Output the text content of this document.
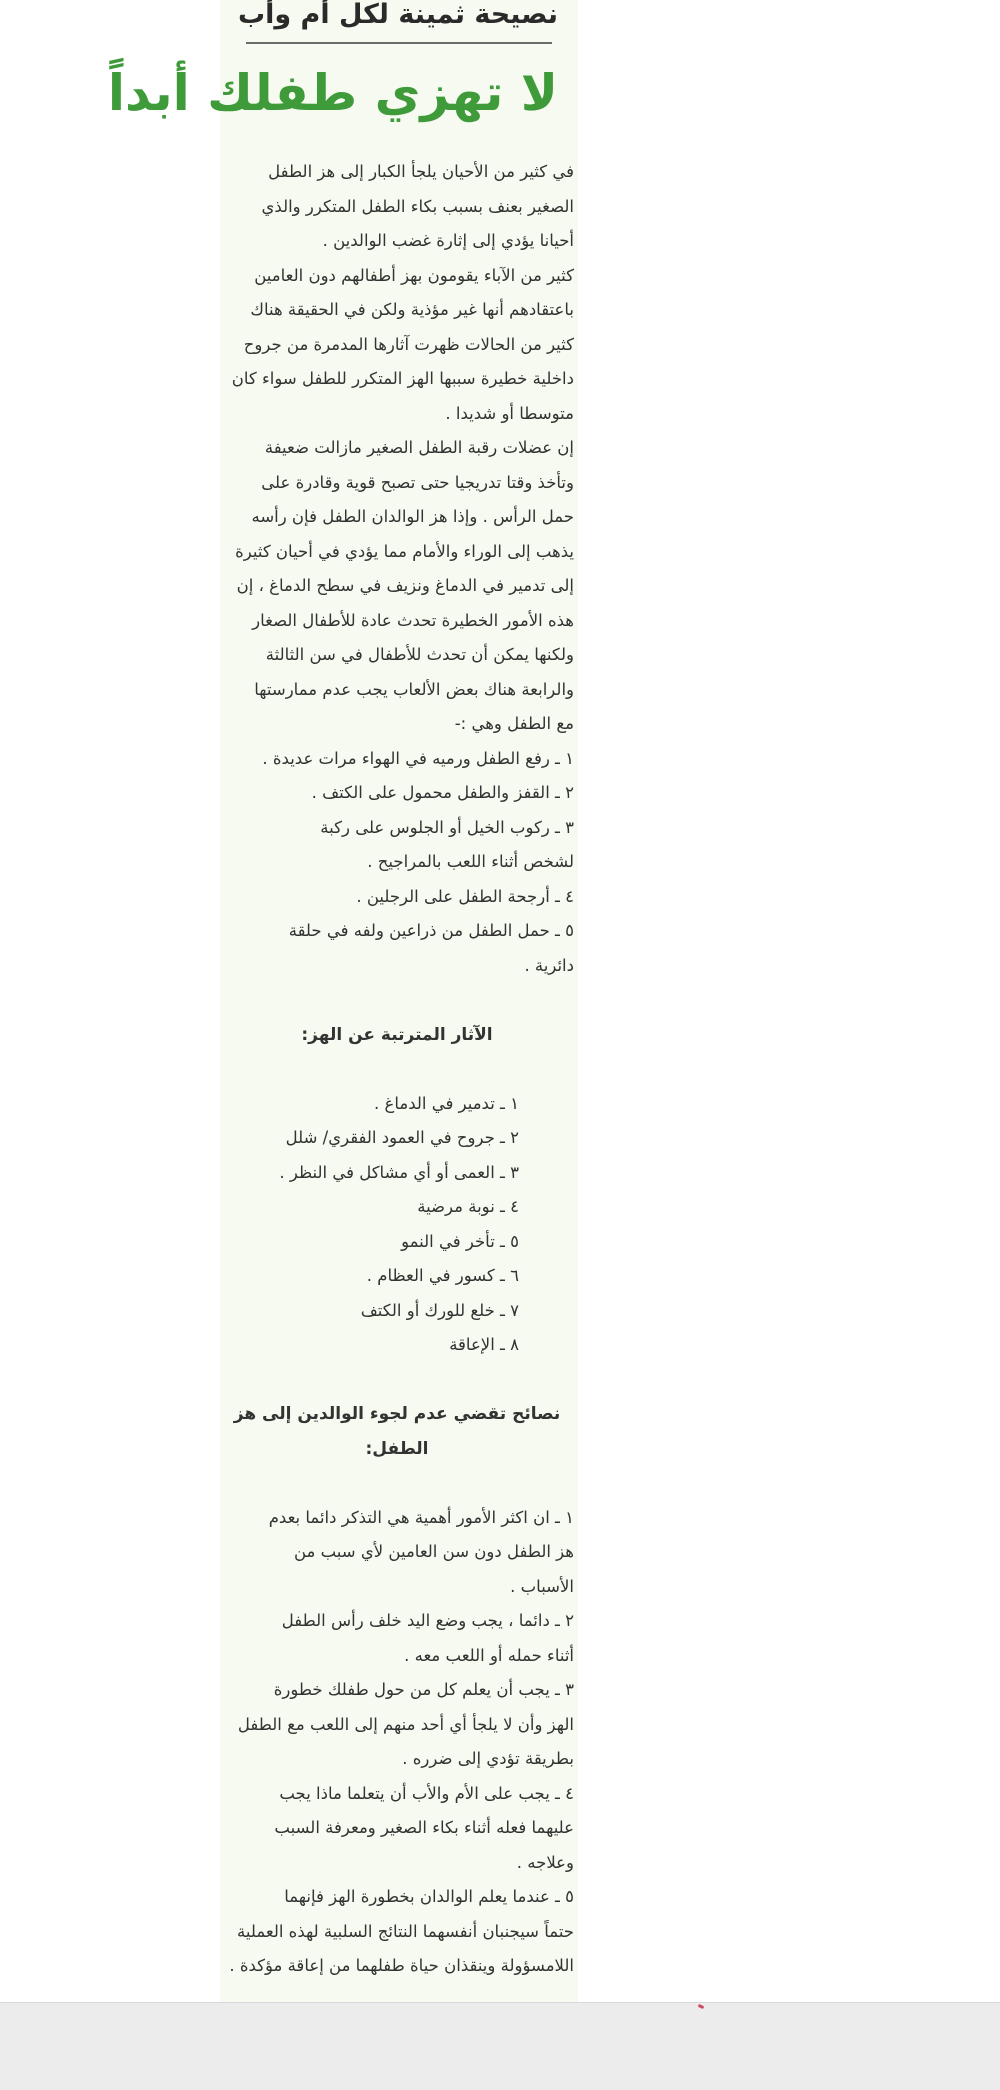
نصيحة ثمينة لكل أم وأب
لا تهزي طفلك أبداً

في كثير من الأحيان يلجأ الكبار إلى هز الطفل
الصغير بعنف بسبب بكاء الطفل المتكرر والذي
أحيانا يؤدي إلى إثارة غضب الوالدين .

كثير من الآباء يقومون بهز أطفالهم دون العامين
باعتقادهم أنها غير مؤذية ولكن في الحقيقة هناك
كثير من الحالات ظهرت آثارها المدمرة من جروح
داخلية خطيرة سببها الهز المتكرر للطفل سواء كان
متوسطا أو شديدا .

إن عضلات رقبة الطفل الصغير مازالت ضعيفة
وتأخذ وقتا تدريجيا حتى تصبح قوية وقادرة على
حمل الرأس . وإذا هز الوالدان الطفل فإن رأسه
يذهب إلى الوراء والأمام مما يؤدي في أحيان كثيرة
إلى تدمير في الدماغ ونزيف في سطح الدماغ ، إن
هذه الأمور الخطيرة تحدث عادة للأطفال الصغار
ولكنها يمكن أن تحدث للأطفال في سن الثالثة
والرابعة هناك بعض الألعاب يجب عدم ممارستها
مع الطفل وهي :-

١ ـ رفع الطفل ورميه في الهواء مرات عديدة .

٢ ـ القفز والطفل محمول على الكتف .

٣ ـ ركوب الخيل أو الجلوس على ركبة
لشخص أثناء اللعب بالمراجيح .

٤ ـ أرجحة الطفل على الرجلين .

٥ ـ حمل الطفل من ذراعين ولفه في حلقة
دائرية .

الآثار المترتبة عن الهز:

١ ـ تدمير في الدماغ .
٢ ـ جروح في العمود الفقري/ شلل
٣ ـ العمى أو أي مشاكل في النظر .
٤ ـ نوبة مرضية
٥ ـ تأخر في النمو
٦ ـ كسور في العظام .
٧ ـ خلع للورك أو الكتف
٨ ـ الإعاقة

نصائح تقضي عدم لجوء الوالدين إلى هز

الطفل:

١ ـ ان اكثر الأمور أهمية هي التذكر دائما بعدم
هز الطفل دون سن العامين لأي سبب من
الأسباب .

٢ ـ دائما ، يجب وضع اليد خلف رأس الطفل
أثناء حمله أو اللعب معه .

٣ ـ يجب أن يعلم كل من حول طفلك خطورة
الهز وأن لا يلجأ أي أحد منهم إلى اللعب مع الطفل
بطريقة تؤدي إلى ضرره .

٤ ـ يجب على الأم والأب أن يتعلما ماذا يجب
عليهما فعله أثناء بكاء الصغير ومعرفة السبب
وعلاجه .

٥ ـ عندما يعلم الوالدان بخطورة الهز فإنهما
حتماً سيجنبان أنفسهما النتائج السلبية لهذه العملية
اللامسؤولة وينقذان حياة طفلهما من إعاقة مؤكدة .
